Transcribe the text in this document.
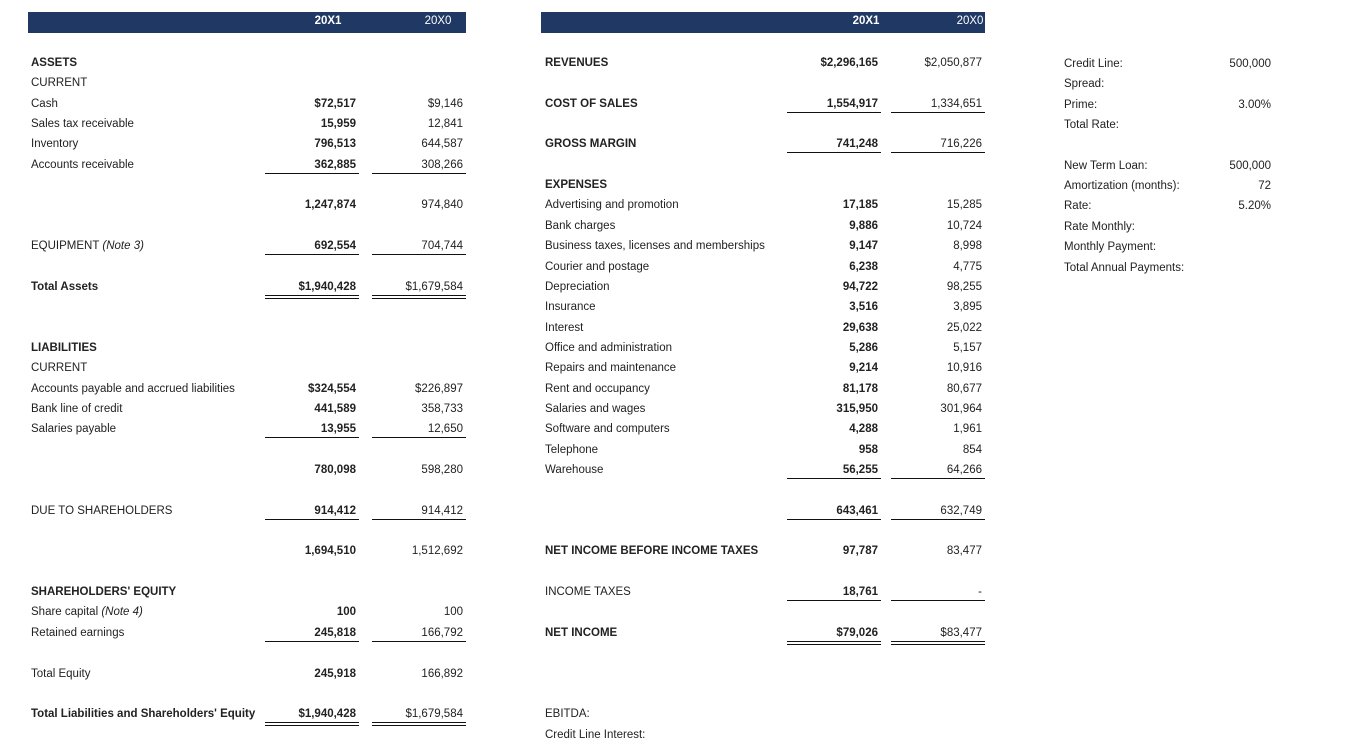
20X1	20X0	20X1	20X0
ASSETS
CURRENT
Cash	$72,517	$9,146
Sales tax receivable	15,959	12,841
Inventory	796,513	644,587
Accounts receivable	362,885	308,266
1,247,874	974,840
EQUIPMENT (Note 3)	692,554	704,744
Total Assets	$1,940,428	$1,679,584
LIABILITIES
CURRENT
Accounts payable and accrued liabilities	$324,554	$226,897
Bank line of credit	441,589	358,733
Salaries payable	13,955	12,650
780,098	598,280
DUE TO SHAREHOLDERS	914,412	914,412
1,694,510	1,512,692
SHAREHOLDERS' EQUITY
Share capital (Note 4)	100	100
Retained earnings	245,818	166,792
Total Equity	245,918	166,892
Total Liabilities and Shareholders' Equity	$1,940,428	$1,679,584
REVENUES	$2,296,165	$2,050,877
COST OF SALES	1,554,917	1,334,651
GROSS MARGIN	741,248	716,226
EXPENSES
Advertising and promotion	17,185	15,285
Bank charges	9,886	10,724
Business taxes, licenses and memberships	9,147	8,998
Courier and postage	6,238	4,775
Depreciation	94,722	98,255
Insurance	3,516	3,895
Interest	29,638	25,022
Office and administration	5,286	5,157
Repairs and maintenance	9,214	10,916
Rent and occupancy	81,178	80,677
Salaries and wages	315,950	301,964
Software and computers	4,288	1,961
Telephone	958	854
Warehouse	56,255	64,266
643,461	632,749
NET INCOME BEFORE INCOME TAXES	97,787	83,477
INCOME TAXES	18,761	-
NET INCOME	$79,026	$83,477
EBITDA:
Credit Line Interest:
Credit Line:	500,000
Spread:
Prime:	3.00%
Total Rate:
New Term Loan:	500,000
Amortization (months):	72
Rate:	5.20%
Rate Monthly:
Monthly Payment:
Total Annual Payments:
